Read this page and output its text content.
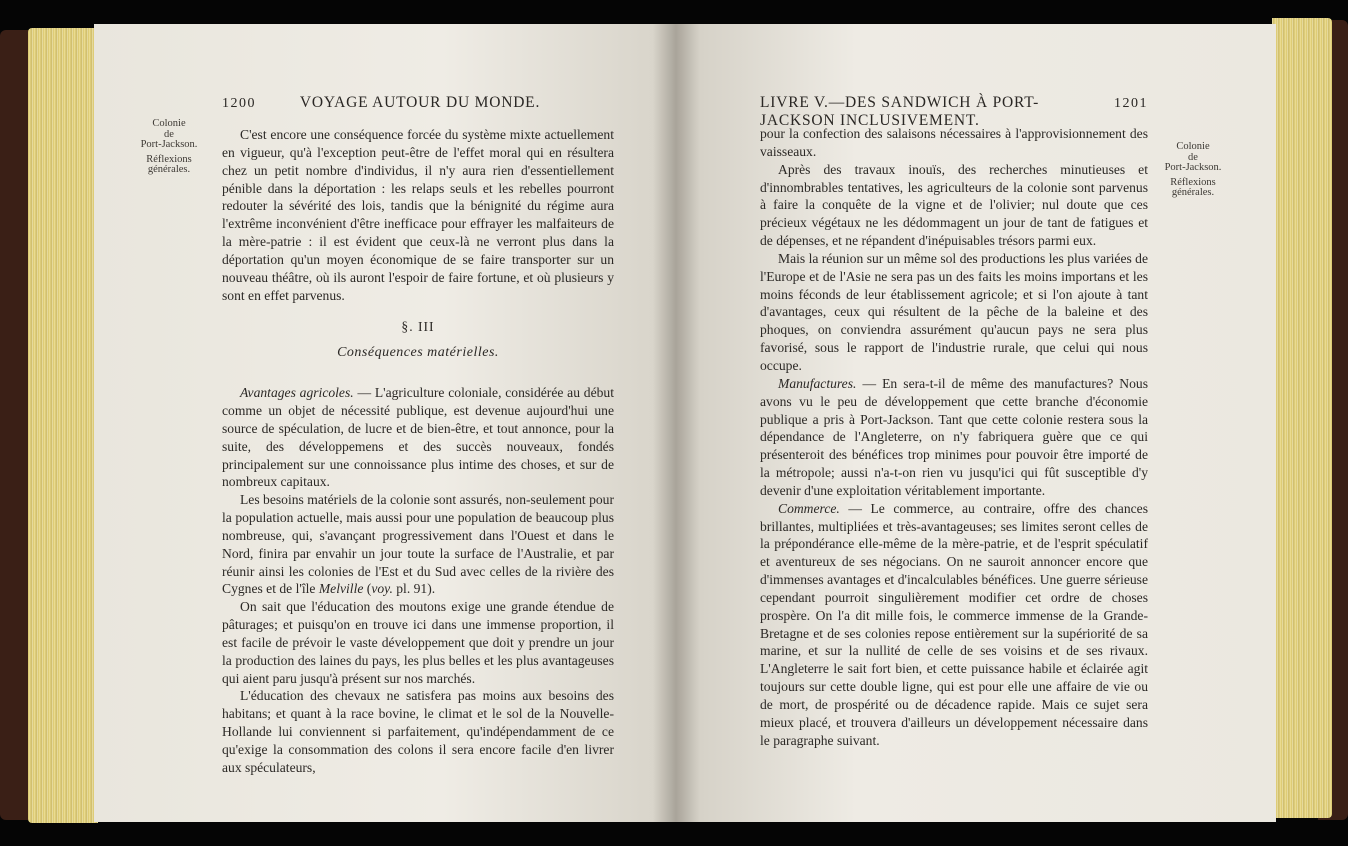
1200	VOYAGE AUTOUR DU MONDE.
Colonie
de
Port-Jackson.
Réflexions
générales.

C'est encore une conséquence forcée du système mixte actuellement en vigueur, qu'à l'exception peut-être de l'effet moral qui en résultera chez un petit nombre d'individus, il n'y aura rien d'essentiellement pénible dans la déportation : les relaps seuls et les rebelles pourront redouter la sévérité des lois, tandis que la bénignité du régime aura l'extrême inconvénient d'être inefficace pour effrayer les malfaiteurs de la mère-patrie : il est évident que ceux-là ne verront plus dans la déportation qu'un moyen économique de se faire transporter sur un nouveau théâtre, où ils auront l'espoir de faire fortune, et où plusieurs y sont en effet parvenus.

§. III
Conséquences matérielles.

Avantages agricoles. — L'agriculture coloniale, considérée au début comme un objet de nécessité publique, est devenue aujourd'hui une source de spéculation, de lucre et de bien-être, et tout annonce, pour la suite, des développemens et des succès nouveaux, fondés principalement sur une connoissance plus intime des choses, et sur de nombreux capitaux.

Les besoins matériels de la colonie sont assurés, non-seulement pour la population actuelle, mais aussi pour une population de beaucoup plus nombreuse, qui, s'avançant progressivement dans l'Ouest et dans le Nord, finira par envahir un jour toute la surface de l'Australie, et par réunir ainsi les colonies de l'Est et du Sud avec celles de la rivière des Cygnes et de l'île Melville (voy. pl. 91).

On sait que l'éducation des moutons exige une grande étendue de pâturages; et puisqu'on en trouve ici dans une immense proportion, il est facile de prévoir le vaste développement que doit y prendre un jour la production des laines du pays, les plus belles et les plus avantageuses qui aient paru jusqu'à présent sur nos marchés.

L'éducation des chevaux ne satisfera pas moins aux besoins des habitans; et quant à la race bovine, le climat et le sol de la Nouvelle-Hollande lui conviennent si parfaitement, qu'indépendamment de ce qu'exige la consommation des colons il sera encore facile d'en livrer aux spéculateurs,

LIVRE V.—DES SANDWICH À PORT-JACKSON INCLUSIVEMENT.
1201
Colonie
de
Port-Jackson.
Réflexions
générales.

pour la confection des salaisons nécessaires à l'approvisionnement des vaisseaux.

Après des travaux inouïs, des recherches minutieuses et d'innombrables tentatives, les agriculteurs de la colonie sont parvenus à faire la conquête de la vigne et de l'olivier; nul doute que ces précieux végétaux ne les dédommagent un jour de tant de fatigues et de dépenses, et ne répandent d'inépuisables trésors parmi eux.

Mais la réunion sur un même sol des productions les plus variées de l'Europe et de l'Asie ne sera pas un des faits les moins importans et les moins féconds de leur établissement agricole; et si l'on ajoute à tant d'avantages, ceux qui résultent de la pêche de la baleine et des phoques, on conviendra assurément qu'aucun pays ne sera plus favorisé, sous le rapport de l'industrie rurale, que celui qui nous occupe.

Manufactures. — En sera-t-il de même des manufactures? Nous avons vu le peu de développement que cette branche d'économie publique a pris à Port-Jackson. Tant que cette colonie restera sous la dépendance de l'Angleterre, on n'y fabriquera guère que ce qui présenteroit des bénéfices trop minimes pour pouvoir être importé de la métropole; aussi n'a-t-on rien vu jusqu'ici qui fût susceptible d'y devenir d'une exploitation véritablement importante.

Commerce. — Le commerce, au contraire, offre des chances brillantes, multipliées et très-avantageuses; ses limites seront celles de la prépondérance elle-même de la mère-patrie, et de l'esprit spéculatif et aventureux de ses négocians. On ne sauroit annoncer encore que d'immenses avantages et d'incalculables bénéfices. Une guerre sérieuse cependant pourroit singulièrement modifier cet ordre de choses prospère. On l'a dit mille fois, le commerce immense de la Grande-Bretagne et de ses colonies repose entièrement sur la supériorité de sa marine, et sur la nullité de celle de ses voisins et de ses rivaux. L'Angleterre le sait fort bien, et cette puissance habile et éclairée agit toujours sur cette double ligne, qui est pour elle une affaire de vie ou de mort, de prospérité ou de décadence rapide. Mais ce sujet sera mieux placé, et trouvera d'ailleurs un développement nécessaire dans le paragraphe suivant.
